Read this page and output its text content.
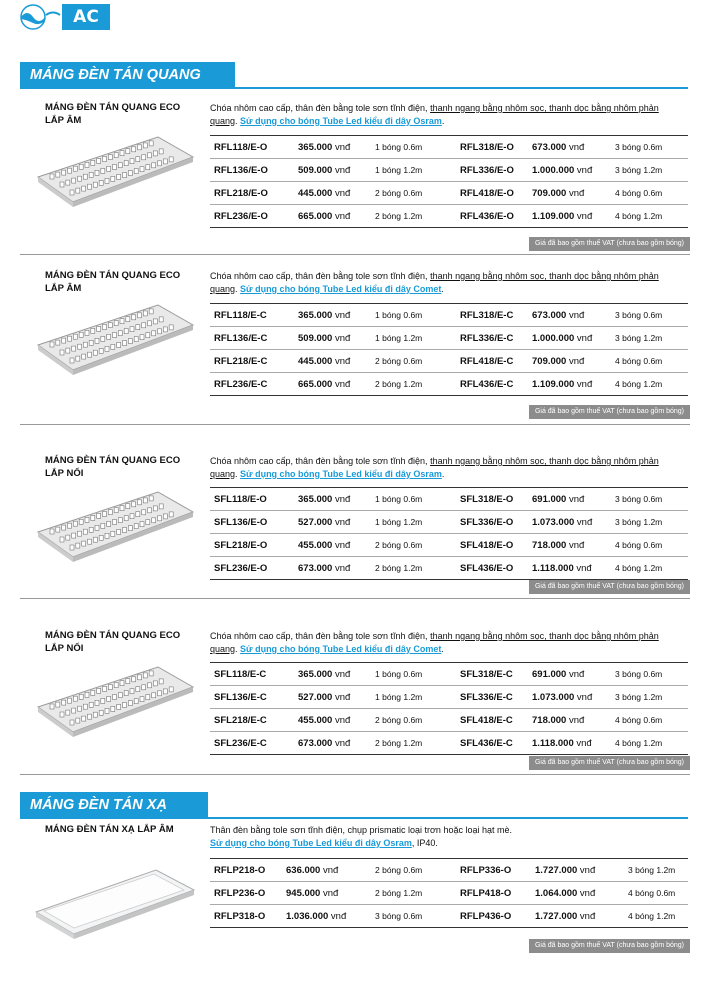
AC
MÁNG ĐÈN TÁN QUANG ECO
MÁNG ĐÈN TÁN XẠ
MÁNG ĐÈN TÁN QUANG ECO
LẮP ÂM
Chóa nhôm cao cấp, thân đèn bằng tole sơn tĩnh điện, thanh ngang bằng nhôm sọc, thanh dọc bằng nhôm phản quang. Sử dụng cho bóng Tube Led kiểu đi dây Osram.
RFL118/E-O	365.000 vnđ	1 bóng 0.6m	RFL318/E-O 673.000 vnđ	3 bóng 0.6m
RFL136/E-O	509.000 vnđ	1 bóng 1.2m	RFL336/E-O 1.000.000 vnđ	3 bóng 1.2m
RFL218/E-O	445.000 vnđ	2 bóng 0.6m	RFL418/E-O 709.000 vnđ	4 bóng 0.6m
RFL236/E-O	665.000 vnđ	2 bóng 1.2m	RFL436/E-O 1.109.000 vnđ	4 bóng 1.2m
Giá đã bao gồm thuế VAT (chưa bao gồm bóng)
MÁNG ĐÈN TÁN QUANG ECO
LẮP ÂM
Chóa nhôm cao cấp, thân đèn bằng tole sơn tĩnh điện, thanh ngang bằng nhôm sọc, thanh dọc bằng nhôm phản quang. Sử dụng cho bóng Tube Led kiểu đi dây Comet.
RFL118/E-C	365.000 vnđ	1 bóng 0.6m	RFL318/E-C 673.000 vnđ	3 bóng 0.6m
RFL136/E-C	509.000 vnđ	1 bóng 1.2m	RFL336/E-C 1.000.000 vnđ	3 bóng 1.2m
RFL218/E-C	445.000 vnđ	2 bóng 0.6m	RFL418/E-C 709.000 vnđ	4 bóng 0.6m
RFL236/E-C	665.000 vnđ	2 bóng 1.2m	RFL436/E-C 1.109.000 vnđ	4 bóng 1.2m
Giá đã bao gồm thuế VAT (chưa bao gồm bóng)
MÁNG ĐÈN TÁN QUANG ECO
LẮP NỔI
Chóa nhôm cao cấp, thân đèn bằng tole sơn tĩnh điện, thanh ngang bằng nhôm sọc, thanh dọc bằng nhôm phản quang. Sử dụng cho bóng Tube Led kiểu đi dây Osram.
SFL118/E-O	365.000 vnđ	1 bóng 0.6m	SFL318/E-O 691.000 vnđ	3 bóng 0.6m
SFL136/E-O	527.000 vnđ	1 bóng 1.2m	SFL336/E-O 1.073.000 vnđ	3 bóng 1.2m
SFL218/E-O	455.000 vnđ	2 bóng 0.6m	SFL418/E-O 718.000 vnđ	4 bóng 0.6m
SFL236/E-O	673.000 vnđ	2 bóng 1.2m	SFL436/E-O 1.118.000 vnđ	4 bóng 1.2m
Giá đã bao gồm thuế VAT (chưa bao gồm bóng)
MÁNG ĐÈN TÁN QUANG ECO
LẮP NỔI
Chóa nhôm cao cấp, thân đèn bằng tole sơn tĩnh điện, thanh ngang bằng nhôm sọc, thanh dọc bằng nhôm phản quang. Sử dụng cho bóng Tube Led kiểu đi dây Comet.
SFL118/E-C	365.000 vnđ	1 bóng 0.6m	SFL318/E-C 691.000 vnđ	3 bóng 0.6m
SFL136/E-C	527.000 vnđ	1 bóng 1.2m	SFL336/E-C 1.073.000 vnđ	3 bóng 1.2m
SFL218/E-C	455.000 vnđ	2 bóng 0.6m	SFL418/E-C 718.000 vnđ	4 bóng 0.6m
SFL236/E-C	673.000 vnđ	2 bóng 1.2m	SFL436/E-C 1.118.000 vnđ	4 bóng 1.2m
Giá đã bao gồm thuế VAT (chưa bao gồm bóng)
MÁNG ĐÈN TÁN XẠ LẮP ÂM	Thân đèn bằng tole sơn tĩnh điện, chụp prismatic loại trơn hoặc loại hạt mè.
Sử dụng cho bóng Tube Led kiểu đi dây Osram, IP40.
RFLP218-O 636.000 vnđ	2 bóng 0.6m	RFLP336-O	1.727.000 vnđ	3 bóng 1.2m
RFLP236-O 945.000 vnđ	2 bóng 1.2m	RFLP418-O	1.064.000 vnđ	4 bóng 0.6m
RFLP318-O 1.036.000 vnđ	3 bóng 0.6m	RFLP436-O	1.727.000 vnđ	4 bóng 1.2m
Giá đã bao gồm thuế VAT (chưa bao gồm bóng)
